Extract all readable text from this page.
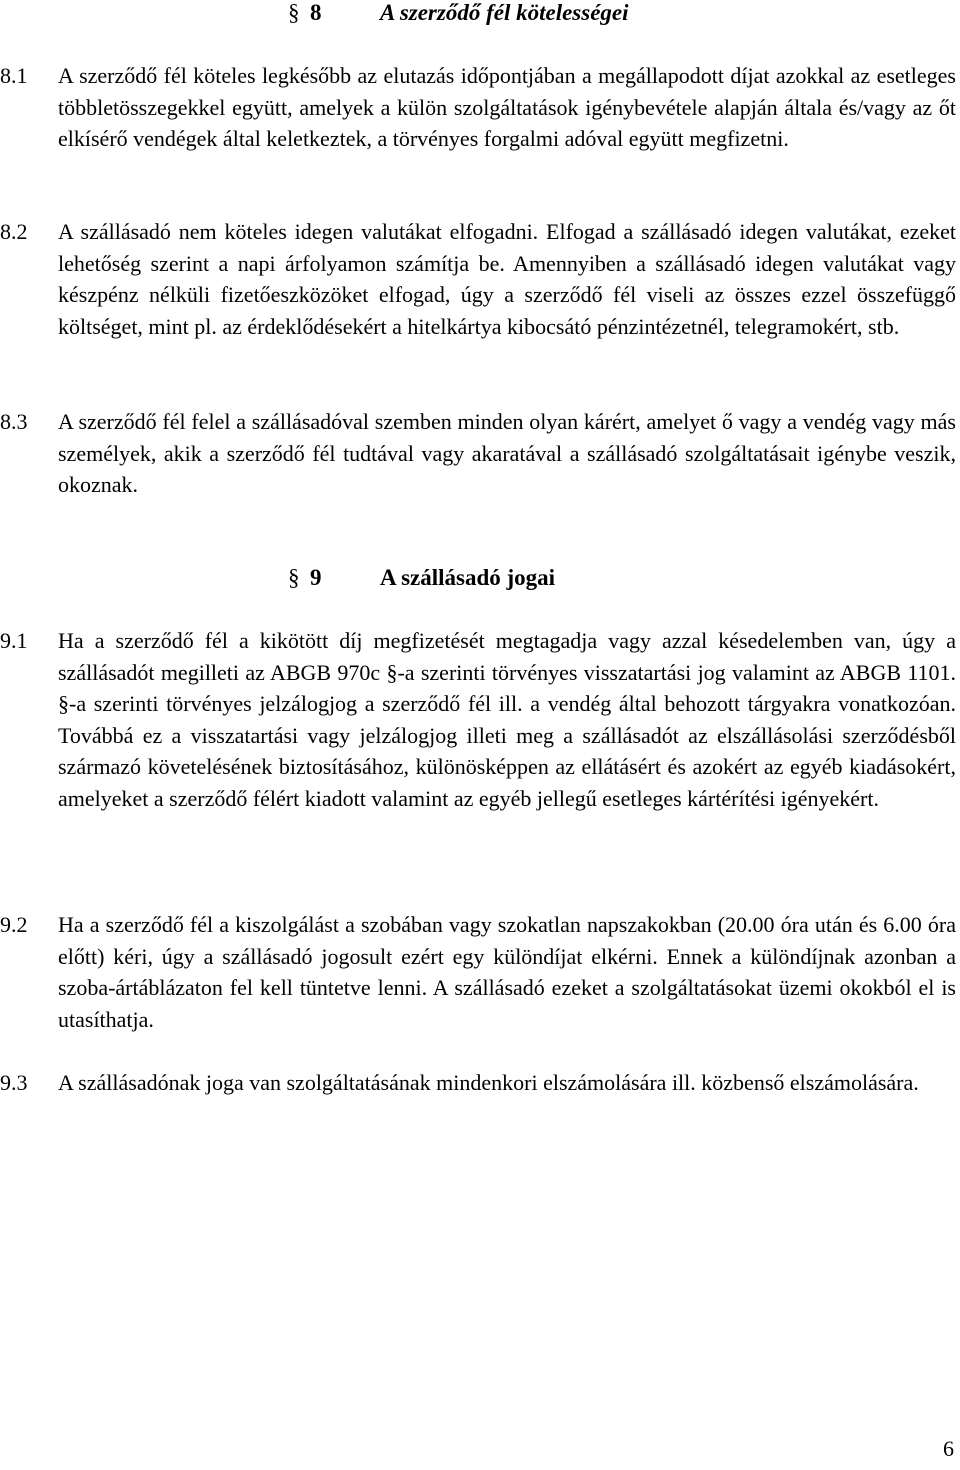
§ 8	A szerződő fél kötelességei
8.1 A szerződő fél köteles legkésőbb az elutazás időpontjában a megállapodott díjat azokkal az esetleges többletösszegekkel együtt, amelyek a külön szolgáltatások igénybevétele alapján általa és/vagy az őt elkísérő vendégek által keletkeztek, a törvényes forgalmi adóval együtt megfizetni.
8.2 A szállásadó nem köteles idegen valutákat elfogadni. Elfogad a szállásadó idegen valutákat, ezeket lehetőség szerint a napi árfolyamon számítja be. Amennyiben a szállásadó idegen valutákat vagy készpénz nélküli fizetőeszközöket elfogad, úgy a szerződő fél viseli az összes ezzel összefüggő költséget, mint pl. az érdeklődésekért a hitelkártya kibocsátó pénzintézetnél, telegramokért, stb.
8.3 A szerződő fél felel a szállásadóval szemben minden olyan kárért, amelyet ő vagy a vendég vagy más személyek, akik a szerződő fél tudtával vagy akaratával a szállásadó szolgáltatásait igénybe veszik, okoznak.
§ 9	A szállásadó jogai
9.1 Ha a szerződő fél a kikötött díj megfizetését megtagadja vagy azzal késedelemben van, úgy a szállásadót megilleti az ABGB 970c §-a szerinti törvényes visszatartási jog valamint az ABGB 1101. §-a szerinti törvényes jelzálogjog a szerződő fél ill. a vendég által behozott tárgyakra vonatkozóan. Továbbá ez a visszatartási vagy jelzálogjog illeti meg a szállásadót az elszállásolási szerződésből származó követelésének biztosításához, különösképpen az ellátásért és azokért az egyéb kiadásokért, amelyeket a szerződő félért kiadott valamint az egyéb jellegű esetleges kártérítési igényekért.
9.2 Ha a szerződő fél a kiszolgálást a szobában vagy szokatlan napszakokban (20.00 óra után és 6.00 óra előtt) kéri, úgy a szállásadó jogosult ezért egy különdíjat elkérni. Ennek a különdíjnak azonban a szoba-ártáblázaton fel kell tüntetve lenni. A szállásadó ezeket a szolgáltatásokat üzemi okokból el is utasíthatja.
9.3 A szállásadónak joga van szolgáltatásának mindenkori elszámolására ill. közbenső elszámolására.
6
